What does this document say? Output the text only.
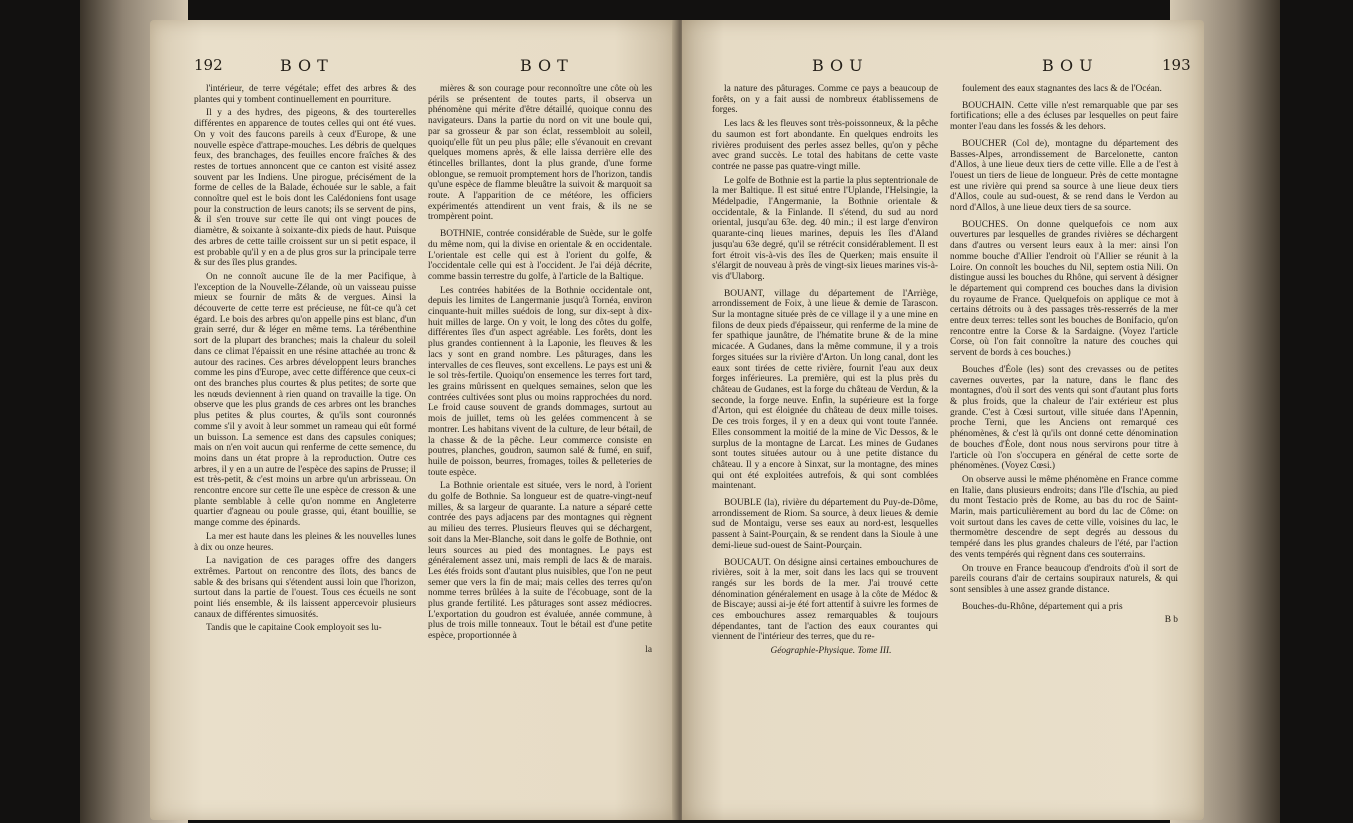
192	BOT	BOT

l'intérieur, de terre végétale; effet des arbres & des plantes qui y tombent continuellement en pourriture.

Il y a des hydres, des pigeons, & des tourterelles différentes en apparence de toutes celles qui ont été vues. On y voit des faucons pareils à ceux d'Europe, & une nouvelle espèce d'attrape-mouches. Les débris de quelques feux, des branchages, des feuilles encore fraîches & des restes de tortues annoncent que ce canton est visité assez souvent par les Indiens. Une pirogue, précisément de la forme de celles de la Balade, échouée sur le sable, a fait connoître quel est le bois dont les Calédoniens font usage pour la construction de leurs canots; ils se servent de pins, & il s'en trouve sur cette île qui ont vingt pouces de diamètre, & soixante à soixante-dix pieds de haut. Puisque des arbres de cette taille croissent sur un si petit espace, il est probable qu'il y en a de plus gros sur la principale terre & sur des îles plus grandes.

On ne connoît aucune île de la mer Pacifique, à l'exception de la Nouvelle-Zélande, où un vaisseau puisse mieux se fournir de mâts & de vergues. Ainsi la découverte de cette terre est précieuse, ne fût-ce qu'à cet égard. Le bois des arbres qu'on appelle pins est blanc, d'un grain serré, dur & léger en même tems. La térébenthine sort de la plupart des branches; mais la chaleur du soleil dans ce climat l'épaissit en une résine attachée au tronc & autour des racines. Ces arbres développent leurs branches comme les pins d'Europe, avec cette différence que ceux-ci ont des branches plus courtes & plus petites; de sorte que les nœuds deviennent à rien quand on travaille la tige. On observe que les plus grands de ces arbres ont les branches plus petites & plus courtes, & qu'ils sont couronnés comme s'il y avoit à leur sommet un rameau qui eût formé un buisson. La semence est dans des capsules coniques; mais on n'en voit aucun qui renferme de cette semence, du moins dans un état propre à la reproduction. Outre ces arbres, il y en a un autre de l'espèce des sapins de Prusse; il est très-petit, & c'est moins un arbre qu'un arbrisseau. On rencontre encore sur cette île une espèce de cresson & une plante semblable à celle qu'on nomme en Angleterre quartier d'agneau ou poule grasse, qui, étant bouillie, se mange comme des épinards.

La mer est haute dans les pleines & les nouvelles lunes à dix ou onze heures.

La navigation de ces parages offre des dangers extrêmes. Partout on rencontre des îlots, des bancs de sable & des brisans qui s'étendent aussi loin que l'horizon, surtout dans la partie de l'ouest. Tous ces écueils ne sont point liés ensemble, & ils laissent appercevoir plusieurs canaux de différentes simuosités.

Tandis que le capitaine Cook employoit ses lu-

mières & son courage pour reconnoître une côte où les périls se présentent de toutes parts, il observa un phénomène qui mérite d'être détaillé, quoique connu des navigateurs. Dans la partie du nord on vit une boule qui, par sa grosseur & par son éclat, ressembloit au soleil, quoiqu'elle fût un peu plus pâle; elle s'évanouit en crevant quelques momens après, & elle laissa derrière elle des étincelles brillantes, dont la plus grande, d'une forme oblongue, se remuoit promptement hors de l'horizon, tandis qu'une espèce de flamme bleuâtre la suivoit & marquoit sa route. A l'apparition de ce météore, les officiers expérimentés attendirent un vent frais, & ils ne se trompèrent point.

BOTHNIE, contrée considérable de Suède, sur le golfe du même nom, qui la divise en orientale & en occidentale. L'orientale est celle qui est à l'orient du golfe, & l'occidentale celle qui est à l'occident. Je l'ai déjà décrite, comme bassin terrestre du golfe, à l'article de la Baltique.

Les contrées habitées de la Bothnie occidentale ont, depuis les limites de Langermanie jusqu'à Tornéa, environ cinquante-huit milles suédois de long, sur dix-sept à dix-huit milles de large. On y voit, le long des côtes du golfe, différentes îles d'un aspect agréable. Les forêts, dont les plus grandes contiennent à la Laponie, les fleuves & les lacs y sont en grand nombre. Les pâturages, dans les intervalles de ces fleuves, sont excellens. Le pays est uni & le sol très-fertile. Quoiqu'on ensemence les terres fort tard, les grains mûrissent en quelques semaines, selon que les contrées cultivées sont plus ou moins rapprochées du nord. Le froid cause souvent de grands dommages, surtout au mois de juillet, tems où les gelées commencent à se montrer. Les habitans vivent de la culture, de leur bétail, de la chasse & de la pêche. Leur commerce consiste en poutres, planches, goudron, saumon salé & fumé, en suif, huile de poisson, beurres, fromages, toiles & pelleteries de toute espèce.

La Bothnie orientale est située, vers le nord, à l'orient du golfe de Bothnie. Sa longueur est de quatre-vingt-neuf milles, & sa largeur de quarante. La nature a séparé cette contrée des pays adjacens par des montagnes qui règnent au milieu des terres. Plusieurs fleuves qui se déchargent, soit dans la Mer-Blanche, soit dans le golfe de Bothnie, ont leurs sources au pied des montagnes. Le pays est généralement assez uni, mais rempli de lacs & de marais. Les étés froids sont d'autant plus nuisibles, que l'on ne peut semer que vers la fin de mai; mais celles des terres qu'on nomme terres brûlées à la suite de l'écobuage, sont de la plus grande fertilité. Les pâturages sont assez médiocres. L'exportation du goudron est évaluée, année commune, à plus de trois mille tonneaux. Tout le bétail est d'une petite espèce, proportionnée à

la

BOU	BOU	193

la nature des pâturages. Comme ce pays a beaucoup de forêts, on y a fait aussi de nombreux établissemens de forges.

Les lacs & les fleuves sont très-poissonneux, & la pêche du saumon est fort abondante. En quelques endroits les rivières produisent des perles assez belles, qu'on y pêche avec grand succès. Le total des habitans de cette vaste contrée ne passe pas quatre-vingt mille.

Le golfe de Bothnie est la partie la plus septentrionale de la mer Baltique. Il est situé entre l'Uplande, l'Helsingie, la Médelpadie, l'Angermanie, la Bothnie orientale & occidentale, & la Finlande. Il s'étend, du sud au nord oriental, jusqu'au 63e. deg. 40 min.; il est large d'environ quarante-cinq lieues marines, depuis les îles d'Aland jusqu'au 63e degré, qu'il se rétrécit considérablement. Il est fort étroit vis-à-vis des îles de Querken; mais ensuite il s'élargit de nouveau à près de vingt-six lieues marines vis-à-vis d'Ulaborg.

BOUANT, village du département de l'Arriège, arrondissement de Foix, à une lieue & demie de Tarascon. Sur la montagne située près de ce village il y a une mine en filons de deux pieds d'épaisseur, qui renferme de la mine de fer spathique jaunâtre, de l'hématite brune & de la mine micacée. A Gudanes, dans la même commune, il y a trois forges situées sur la rivière d'Arton. Un long canal, dont les eaux sont tirées de cette rivière, fournit l'eau aux deux forges inférieures. La première, qui est la plus près du château de Gudanes, est la forge du château de Verdun, & la seconde, la forge neuve. Enfin, la supérieure est la forge d'Arton, qui est éloignée du château de deux mille toises. De ces trois forges, il y en a deux qui vont toute l'année. Elles consomment la moitié de la mine de Vic Dessos, & le surplus de la montagne de Larcat. Les mines de Gudanes sont toutes situées autour ou à une petite distance du château. Il y a encore à Sinxat, sur la montagne, des mines qui ont été exploitées autrefois, & qui sont comblées maintenant.

BOUBLE (la), rivière du département du Puy-de-Dôme, arrondissement de Riom. Sa source, à deux lieues & demie sud de Montaigu, verse ses eaux au nord-est, lesquelles passent à Saint-Pourçain, & se rendent dans la Sioule à une demi-lieue sud-ouest de Saint-Pourçain.

BOUCAUT. On désigne ainsi certaines embouchures de rivières, soit à la mer, soit dans les lacs qui se trouvent rangés sur les bords de la mer. J'ai trouvé cette dénomination généralement en usage à la côte de Médoc & de Biscaye; aussi ai-je été fort attentif à suivre les formes de ces embouchures assez remarquables & toujours dépendantes, tant de l'action des eaux courantes qui viennent de l'intérieur des terres, que du re-

Géographie-Physique. Tome III.

foulement des eaux stagnantes des lacs & de l'Océan.

BOUCHAIN. Cette ville n'est remarquable que par ses fortifications; elle a des écluses par lesquelles on peut faire monter l'eau dans les fossés & les dehors.

BOUCHER (Col de), montagne du département des Basses-Alpes, arrondissement de Barcelonette, canton d'Allos, à une lieue deux tiers de cette ville. Elle a de l'est à l'ouest un tiers de lieue de longueur. Près de cette montagne est une rivière qui prend sa source à une lieue deux tiers d'Allos, coule au sud-ouest, & se rend dans le Verdon au nord d'Allos, à une lieue deux tiers de sa source.

BOUCHES. On donne quelquefois ce nom aux ouvertures par lesquelles de grandes rivières se déchargent dans d'autres ou versent leurs eaux à la mer: ainsi l'on nomme bouche d'Allier l'endroit où l'Allier se réunit à la Loire. On connoît les bouches du Nil, septem ostia Nili. On distingue aussi les bouches du Rhône, qui servent à désigner le département qui comprend ces bouches dans la division du royaume de France. Quelquefois on applique ce mot à certains détroits ou à des passages très-resserrés de la mer entre deux terres: telles sont les bouches de Bonifacio, qu'on rencontre entre la Corse & la Sardaigne. (Voyez l'article Corse, où l'on fait connoître la nature des couches qui servent de bords à ces bouches.)

Bouches d'Éole (les) sont des crevasses ou de petites cavernes ouvertes, par la nature, dans le flanc des montagnes, d'où il sort des vents qui sont d'autant plus forts & plus froids, que la chaleur de l'air extérieur est plus grande. C'est à Cœsi surtout, ville située dans l'Apennin, proche Terni, que les Anciens ont remarqué ces phénomènes, & c'est là qu'ils ont donné cette dénomination de bouches d'Éole, dont nous nous servirons pour titre à l'article où l'on s'occupera en général de cette sorte de phénomènes. (Voyez Cœsi.)

On observe aussi le même phénomène en France comme en Italie, dans plusieurs endroits; dans l'île d'Ischia, au pied du mont Testacio près de Rome, au bas du roc de Saint-Marin, mais particulièrement au bord du lac de Côme: on voit surtout dans les caves de cette ville, voisines du lac, le thermomètre descendre de sept degrés au dessous du tempéré dans les plus grandes chaleurs de l'été, par l'action des vents tempérés qui règnent dans ces souterrains.

On trouve en France beaucoup d'endroits d'où il sort de pareils courans d'air de certains soupiraux naturels, & qui sont sensibles à une assez grande distance.

Bouches-du-Rhône, département qui a pris

B b
